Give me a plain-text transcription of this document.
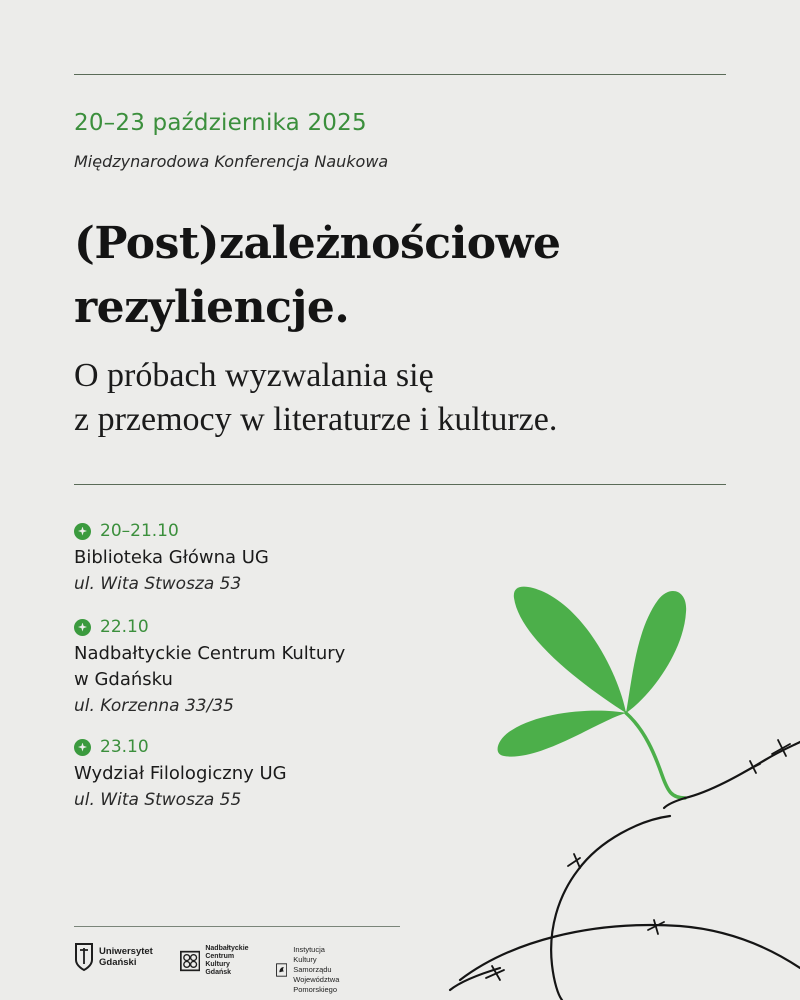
20–23 października 2025
Międzynarodowa Konferencja Naukowa
(Post)zależnościowe
rezyliencje.
O próbach wyzwalania się
z przemocy w literaturze i kulturze.
20–21.10
Biblioteka Główna UG
ul. Wita Stwosza 53
22.10
Nadbałtyckie Centrum Kultury
w Gdańsku
ul. Korzenna 33/35
23.10
Wydział Filologiczny UG
ul. Wita Stwosza 55
Uniwersytet
Gdański
Nadbałtyckie
Centrum Kultury
Gdańsk
Instytucja Kultury Samorządu
Województwa Pomorskiego
